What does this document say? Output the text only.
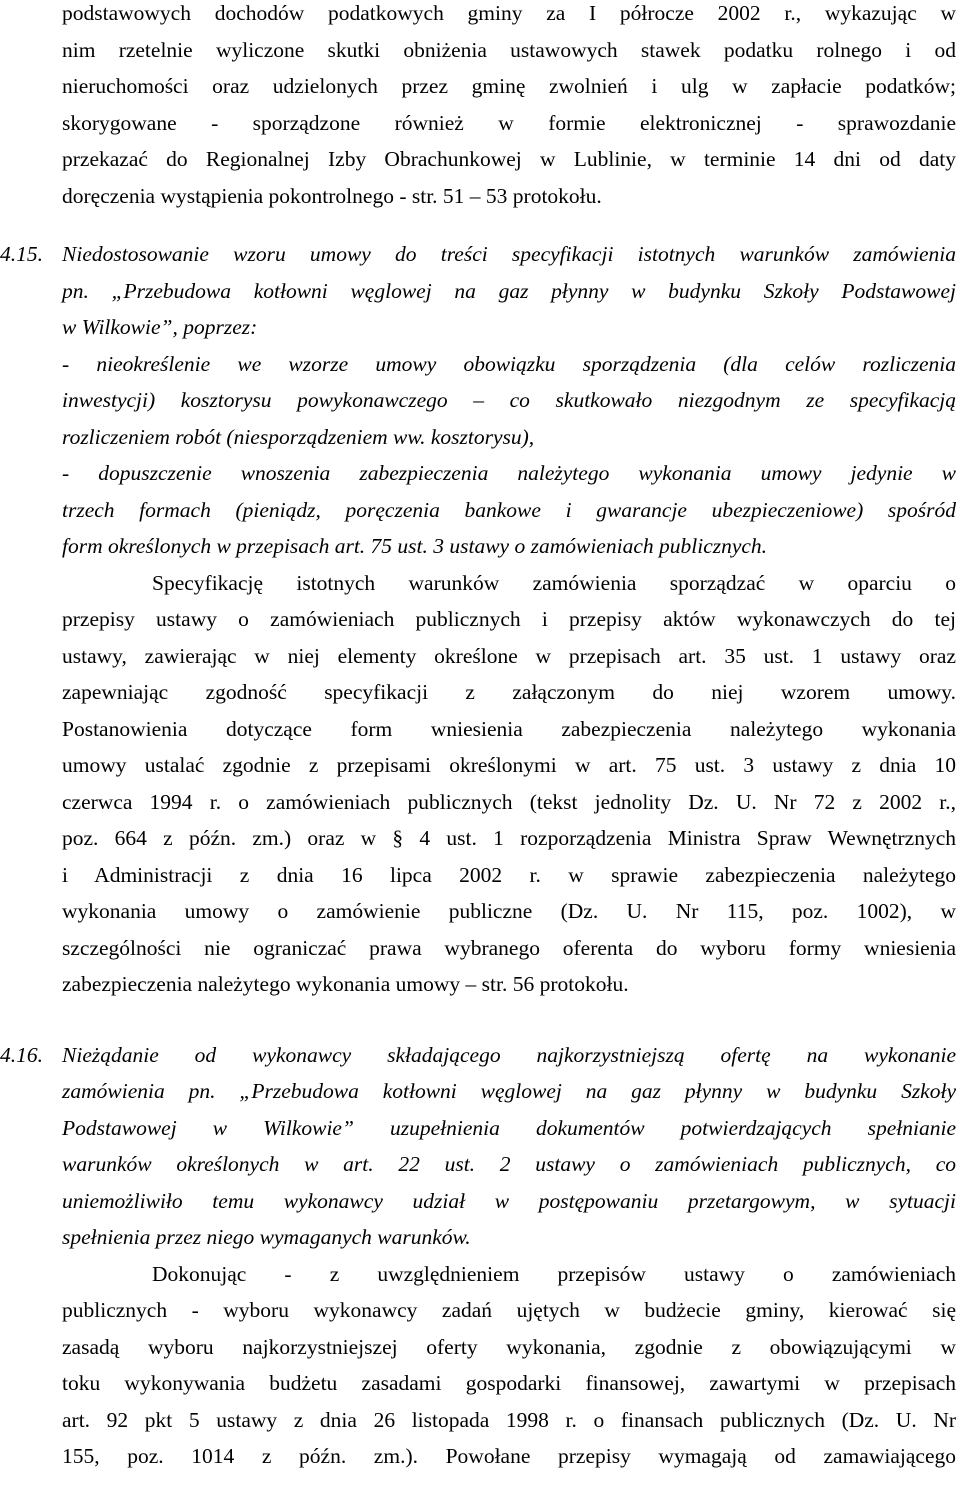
podstawowych dochodów podatkowych gminy za I półrocze 2002 r., wykazując w
nim rzetelnie wyliczone skutki obniżenia ustawowych stawek podatku rolnego i od
nieruchomości oraz udzielonych przez gminę zwolnień i ulg w zapłacie podatków;
skorygowane - sporządzone również w formie elektronicznej - sprawozdanie
przekazać do Regionalnej Izby Obrachunkowej w Lublinie, w terminie 14 dni od daty
doręczenia wystąpienia pokontrolnego - str. 51 – 53 protokołu.

4.15. Niedostosowanie wzoru umowy do treści specyfikacji istotnych warunków zamówienia
pn. „Przebudowa kotłowni węglowej na gaz płynny w budynku Szkoły Podstawowej
w Wilkowie”, poprzez:

- nieokreślenie we wzorze umowy obowiązku sporządzenia (dla celów rozliczenia
inwestycji) kosztorysu powykonawczego – co skutkowało niezgodnym ze specyfikacją
rozliczeniem robót (niesporządzeniem ww. kosztorysu),

- dopuszczenie wnoszenia zabezpieczenia należytego wykonania umowy jedynie w
trzech formach (pieniądz, poręczenia bankowe i gwarancje ubezpieczeniowe) spośród
form określonych w przepisach art. 75 ust. 3 ustawy o zamówieniach publicznych.

Specyfikację istotnych warunków zamówienia sporządzać w oparciu o
przepisy ustawy o zamówieniach publicznych i przepisy aktów wykonawczych do tej
ustawy, zawierając w niej elementy określone w przepisach art. 35 ust. 1 ustawy oraz
zapewniając zgodność specyfikacji z załączonym do niej wzorem umowy.
Postanowienia dotyczące form wniesienia zabezpieczenia należytego wykonania
umowy ustalać zgodnie z przepisami określonymi w art. 75 ust. 3 ustawy z dnia 10
czerwca 1994 r. o zamówieniach publicznych (tekst jednolity Dz. U. Nr 72 z 2002 r.,
poz. 664 z późn. zm.) oraz w § 4 ust. 1 rozporządzenia Ministra Spraw Wewnętrznych
i Administracji z dnia 16 lipca 2002 r. w sprawie zabezpieczenia należytego
wykonania umowy o zamówienie publiczne (Dz. U. Nr 115, poz. 1002), w
szczególności nie ograniczać prawa wybranego oferenta do wyboru formy wniesienia
zabezpieczenia należytego wykonania umowy – str. 56 protokołu.

4.16. Nieżądanie od wykonawcy składającego najkorzystniejszą ofertę na wykonanie
zamówienia pn. „Przebudowa kotłowni węglowej na gaz płynny w budynku Szkoły
Podstawowej w Wilkowie” uzupełnienia dokumentów potwierdzających spełnianie
warunków określonych w art. 22 ust. 2 ustawy o zamówieniach publicznych, co
uniemożliwiło temu wykonawcy udział w postępowaniu przetargowym, w sytuacji
spełnienia przez niego wymaganych warunków.

Dokonując - z uwzględnieniem przepisów ustawy o zamówieniach
publicznych - wyboru wykonawcy zadań ujętych w budżecie gminy, kierować się
zasadą wyboru najkorzystniejszej oferty wykonania, zgodnie z obowiązującymi w
toku wykonywania budżetu zasadami gospodarki finansowej, zawartymi w przepisach
art. 92 pkt 5 ustawy z dnia 26 listopada 1998 r. o finansach publicznych (Dz. U. Nr
155, poz. 1014 z późn. zm.). Powołane przepisy wymagają od zamawiającego
